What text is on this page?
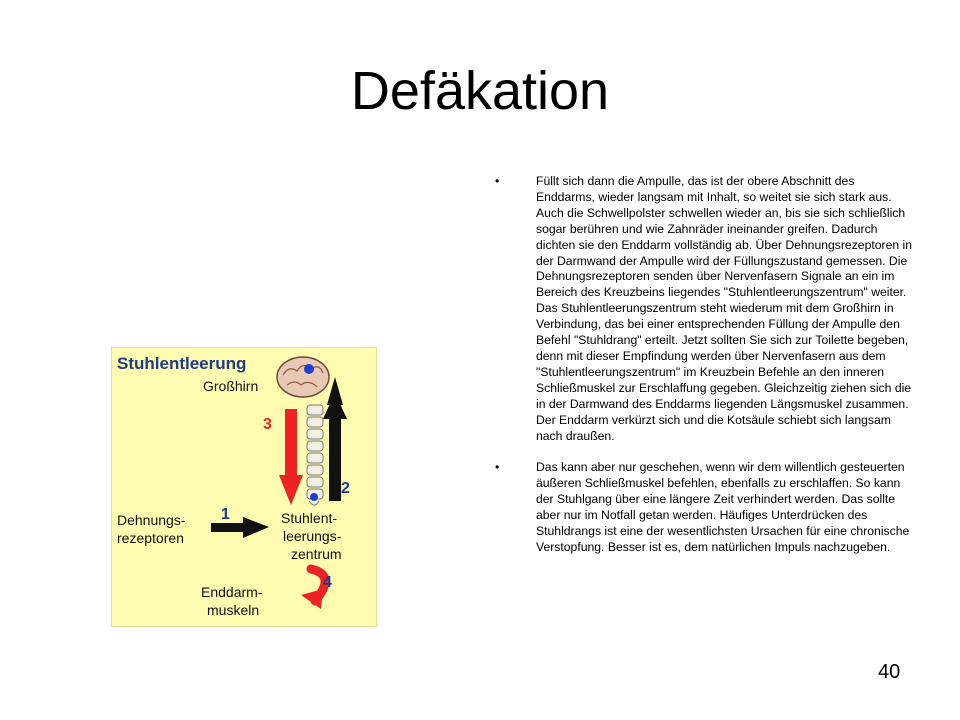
Defäkation
Stuhlentleerung
Großhirn
3
2
1
Dehnungs-
rezeptoren
Stuhlent-
leerungs-
zentrum
4
Enddarm-
muskeln
•	Füllt sich dann die Ampulle, das ist der obere Abschnitt des Enddarms, wieder langsam mit Inhalt, so weitet sie sich stark aus. Auch die Schwellpolster schwellen wieder an, bis sie sich schließlich sogar berühren und wie Zahnräder ineinander greifen. Dadurch dichten sie den Enddarm vollständig ab. Über Dehnungsrezeptoren in der Darmwand der Ampulle wird der Füllungszustand gemessen. Die Dehnungsrezeptoren senden über Nervenfasern Signale an ein im Bereich des Kreuzbeins liegendes "Stuhlentleerungszentrum" weiter. Das Stuhlentleerungszentrum steht wiederum mit dem Großhirn in Verbindung, das bei einer entsprechenden Füllung der Ampulle den Befehl "Stuhldrang" erteilt. Jetzt sollten Sie sich zur Toilette begeben, denn mit dieser Empfindung werden über Nervenfasern aus dem "Stuhlentleerungszentrum" im Kreuzbein Befehle an den inneren Schließmuskel zur Erschlaffung gegeben. Gleichzeitig ziehen sich die in der Darmwand des Enddarms liegenden Längsmuskel zusammen. Der Enddarm verkürzt sich und die Kotsäule schiebt sich langsam nach draußen.
•	Das kann aber nur geschehen, wenn wir dem willentlich gesteuerten äußeren Schließmuskel befehlen, ebenfalls zu erschlaffen. So kann der Stuhlgang über eine längere Zeit verhindert werden. Das sollte aber nur im Notfall getan werden. Häufiges Unterdrücken des Stuhldrangs ist eine der wesentlichsten Ursachen für eine chronische Verstopfung. Besser ist es, dem natürlichen Impuls nachzugeben.
40
